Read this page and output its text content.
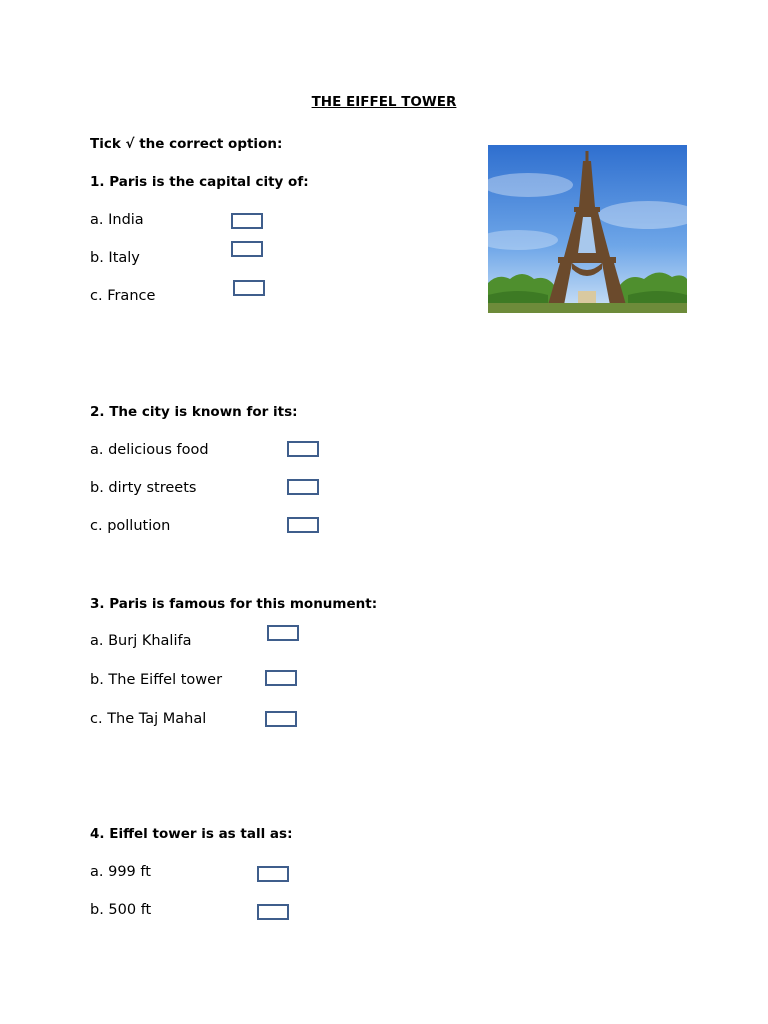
THE EIFFEL TOWER
Tick √ the correct option:
1. Paris is the capital city of:
a. India
b. Italy
c. France
2. The city is known for its:
a. delicious food
b. dirty streets
c. pollution
3. Paris is famous for this monument:
a. Burj Khalifa
b. The Eiffel tower
c. The Taj Mahal
4. Eiffel tower is as tall as:
a. 999 ft
b. 500 ft
